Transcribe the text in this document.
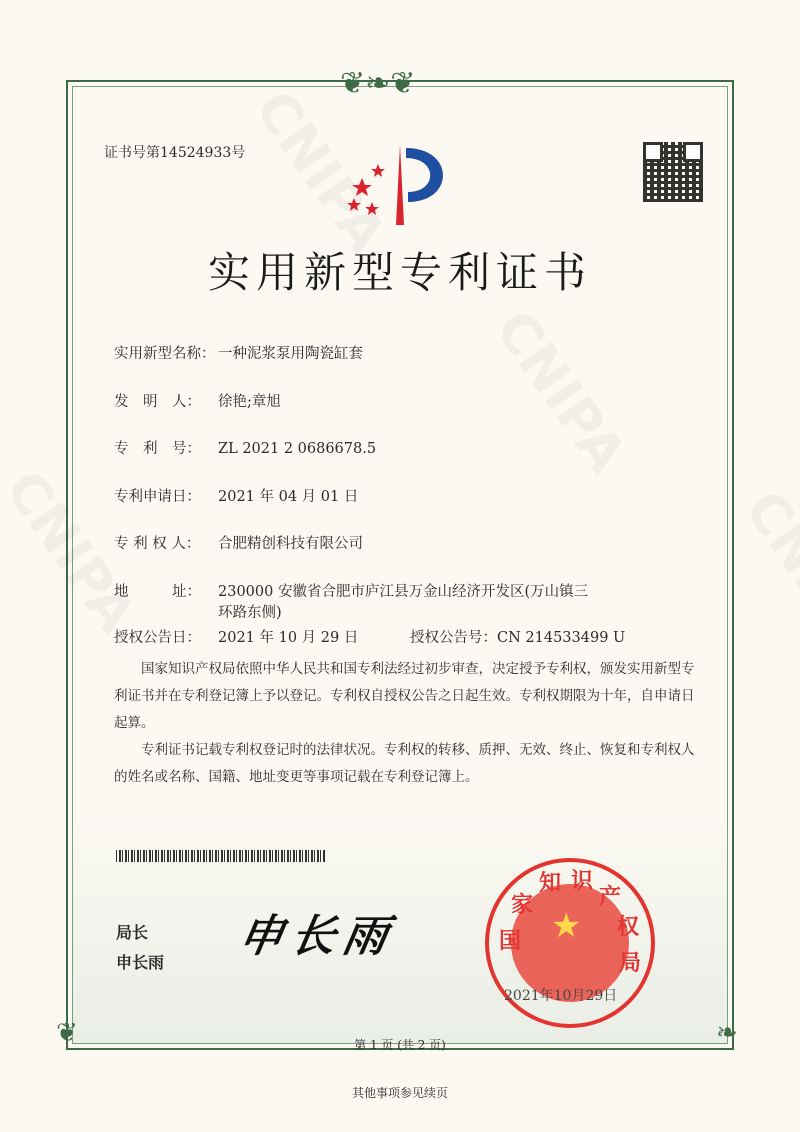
❦❧❦
❦	❧
证书号第14524933号
实用新型专利证书
实用新型名称： 一种泥浆泵用陶瓷缸套
发　明　人： 徐艳;章旭
专　利　号： ZL 2021 2 0686678.5
专利申请日： 2021 年 04 月 01 日
专 利 权 人： 合肥精创科技有限公司
地　　　址： 230000 安徽省合肥市庐江县万金山经济开发区(万山镇三
环路东侧)
授权公告日： 2021 年 10 月 29 日	授权公告号：CN 214533499 U
国家知识产权局依照中华人民共和国专利法经过初步审查，决定授予专利权，颁发实用新型专利证书并在专利登记簿上予以登记。专利权自授权公告之日起生效。专利权期限为十年，自申请日起算。
专利证书记载专利权登记时的法律状况。专利权的转移、质押、无效、终止、恢复和专利权人的姓名或名称、国籍、地址变更等事项记载在专利登记簿上。
局长
申长雨
申长雨	★
国
家
知 识
产
权
局
2021年10月29日
第 1 页 (共 2 页)
其他事项参见续页
